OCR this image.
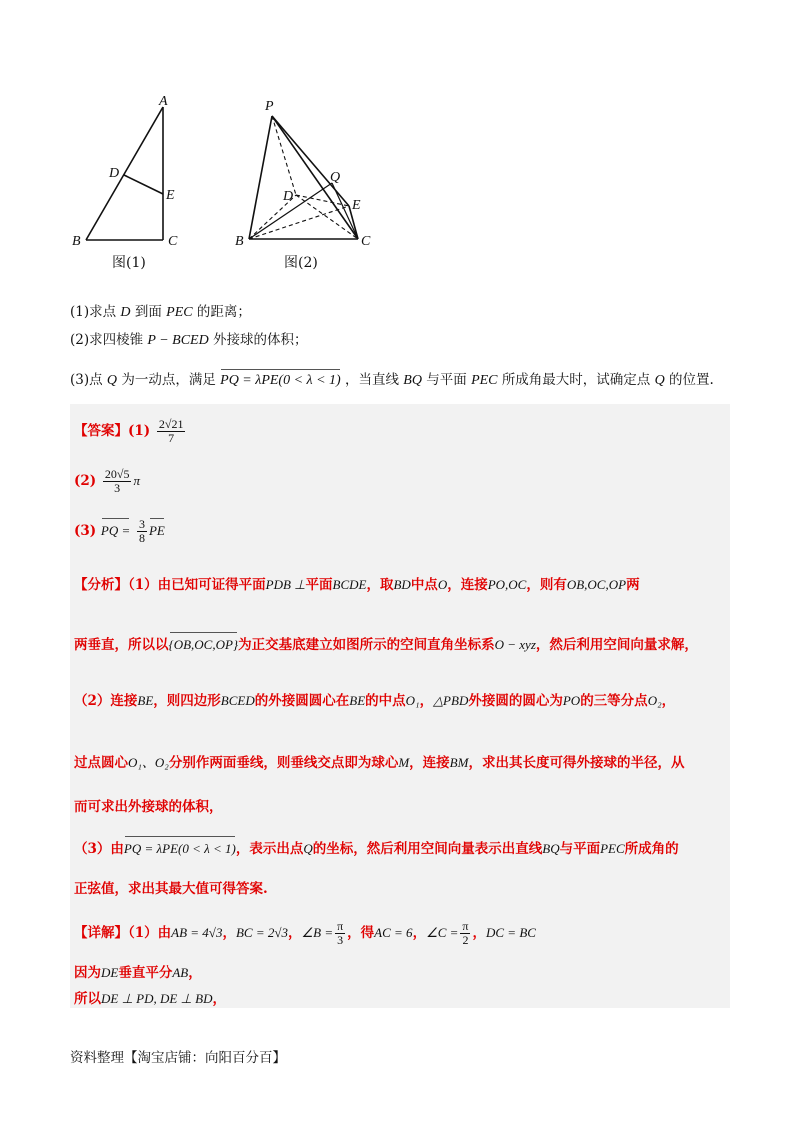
A
D
E
B	C
P
D
Q
E
B	C
图(1)	图(2)
(1)求点 D 到面 PEC 的距离；
(2)求四棱锥 P − BCED 外接球的体积；
(3)点 Q 为一动点，满足 PQ = λPE(0 < λ < 1) ，当直线 BQ 与平面 PEC 所成角最大时，试确定点 Q 的位置.
【答案】$(1) \frac{2√21}{7}$
$(2) \frac{20√5}{3}$ π
(3) PQ = $\frac{3}{8}$ PE
【分析】（1）由已知可证得平面PDB ⊥平面BCDE，取BD中点O，连接PO,OC，则有OB,OC,OP两
两垂直，所以以{OB,OC,OP}为正交基底建立如图所示的空间直角坐标系O − xyz，然后利用空间向量求解，
（2）连接BE，则四边形BCED的外接圆圆心在BE的中点O₁，△PBD外接圆的圆心为PO的三等分点O₂，
过点圆心O₁、O₂分别作两面垂线，则垂线交点即为球心M，连接BM，求出其长度可得外接球的半径，从
而可求出外接球的体积，
（3）由PQ = λPE(0 < λ < 1)，表示出点Q的坐标，然后利用空间向量表示出直线BQ与平面PEC所成角的
正弦值，求出其最大值可得答案.
【详解】（1）由AB = 4√3，BC = 2√3，∠B = $\frac{\pi}{3}$ ，得AC = 6，∠C = $\frac{\pi}{2}$ ，DC = BC
因为DE垂直平分AB，
所以DE ⊥ PD, DE ⊥ BD，
资料整理【淘宝店铺：向阳百分百】
